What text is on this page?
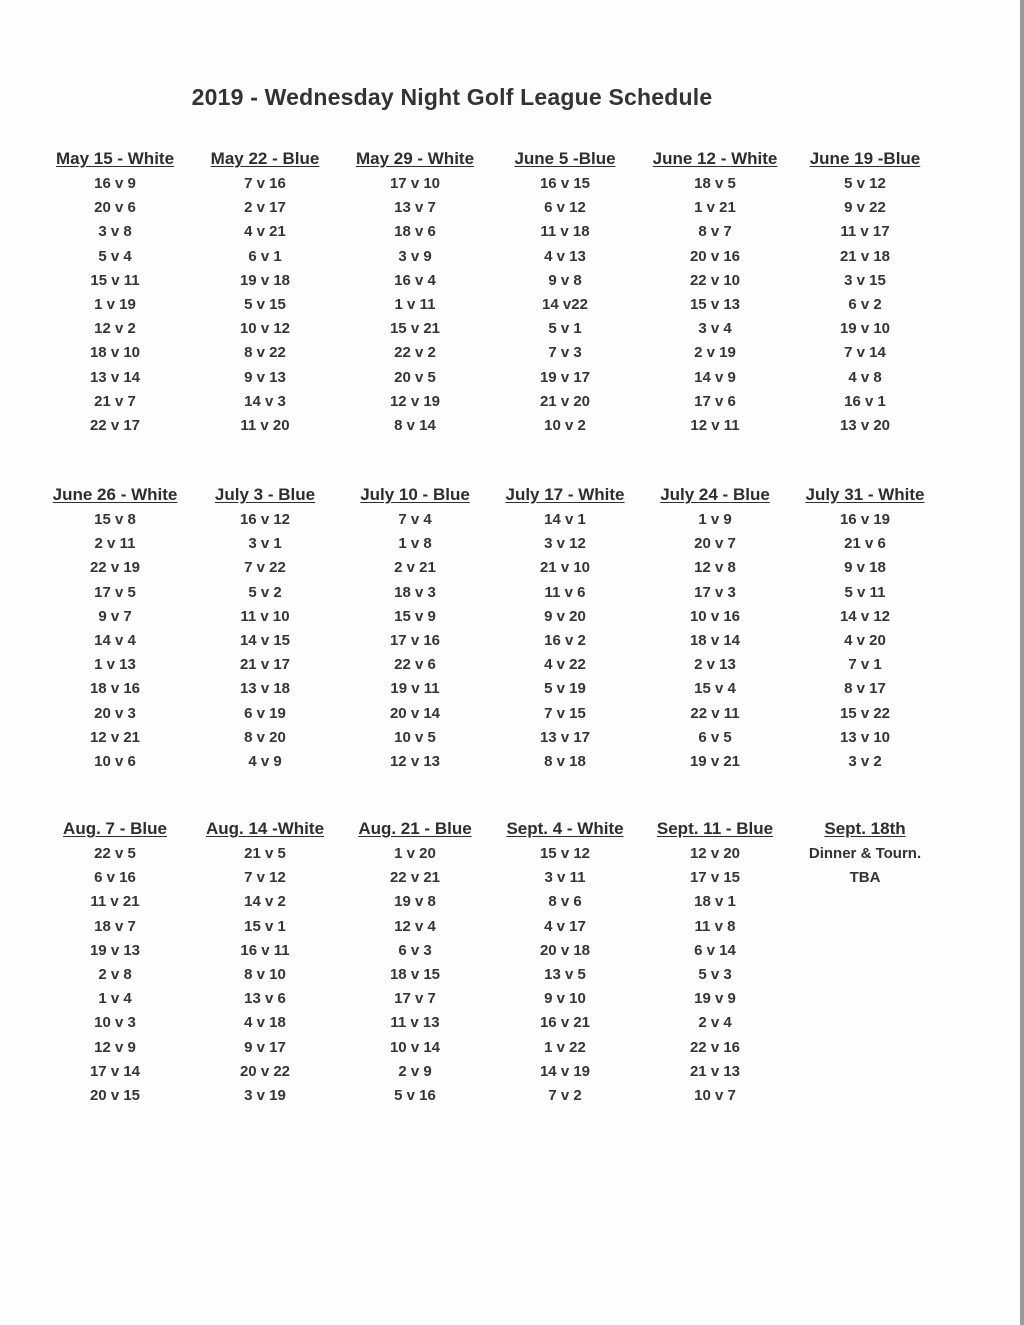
2019 - Wednesday Night Golf League Schedule
May 15 - White
16 v 9
20 v 6
3 v 8
5 v 4
15 v 11
1 v 19
12 v 2
18 v 10
13 v 14
21 v 7
22 v 17
May 22 - Blue
7 v 16
2 v 17
4 v 21
6 v 1
19 v 18
5 v 15
10 v 12
8 v 22
9 v 13
14 v 3
11 v 20
May 29 - White
17 v 10
13 v 7
18 v 6
3 v 9
16 v 4
1 v 11
15 v 21
22 v 2
20 v 5
12 v 19
8 v 14
June 5 -Blue
16 v 15
6 v 12
11 v 18
4 v 13
9 v 8
14 v22
5 v 1
7 v 3
19 v 17
21 v 20
10 v 2
June 12 - White
18 v 5
1 v 21
8 v 7
20 v 16
22 v 10
15 v 13
3 v 4
2 v 19
14 v 9
17 v 6
12 v 11
June 19 -Blue
5 v 12
9 v 22
11 v 17
21 v 18
3 v 15
6 v 2
19 v 10
7 v 14
4 v 8
16 v 1
13 v 20
June 26 - White
15 v 8
2 v 11
22 v 19
17 v 5
9 v 7
14 v 4
1 v 13
18 v 16
20 v 3
12 v 21
10 v 6
July 3 - Blue
16 v 12
3 v 1
7 v 22
5 v 2
11 v 10
14 v 15
21 v 17
13 v 18
6 v 19
8 v 20
4 v 9
July 10 - Blue
7 v 4
1 v 8
2 v 21
18 v 3
15 v 9
17 v 16
22 v 6
19 v 11
20 v 14
10 v 5
12 v 13
July 17 - White
14 v 1
3 v 12
21 v 10
11 v 6
9 v 20
16 v 2
4 v 22
5 v 19
7 v 15
13 v 17
8 v 18
July 24 - Blue
1 v 9
20 v 7
12 v 8
17 v 3
10 v 16
18 v 14
2 v 13
15 v 4
22 v 11
6 v 5
19 v 21
July 31 - White
16 v 19
21 v 6
9 v 18
5 v 11
14 v 12
4 v 20
7 v 1
8 v 17
15 v 22
13 v 10
3 v 2
Aug. 7 - Blue
22 v 5
6 v 16
11 v 21
18 v 7
19 v 13
2 v 8
1 v 4
10 v 3
12 v 9
17 v 14
20 v 15
Aug. 14 -White
21 v 5
7 v 12
14 v 2
15 v 1
16 v 11
8 v 10
13 v 6
4 v 18
9 v 17
20 v 22
3 v 19
Aug. 21 - Blue
1 v 20
22 v 21
19 v 8
12 v 4
6 v 3
18 v 15
17 v 7
11 v 13
10 v 14
2 v 9
5 v 16
Sept. 4 - White
15 v 12
3 v 11
8 v 6
4 v 17
20 v 18
13 v 5
9 v 10
16 v 21
1 v 22
14 v 19
7 v 2
Sept. 11 - Blue
12 v 20
17 v 15
18 v 1
11 v 8
6 v 14
5 v 3
19 v 9
2 v 4
22 v 16
21 v 13
10 v 7
Sept. 18th
Dinner & Tourn.
TBA
